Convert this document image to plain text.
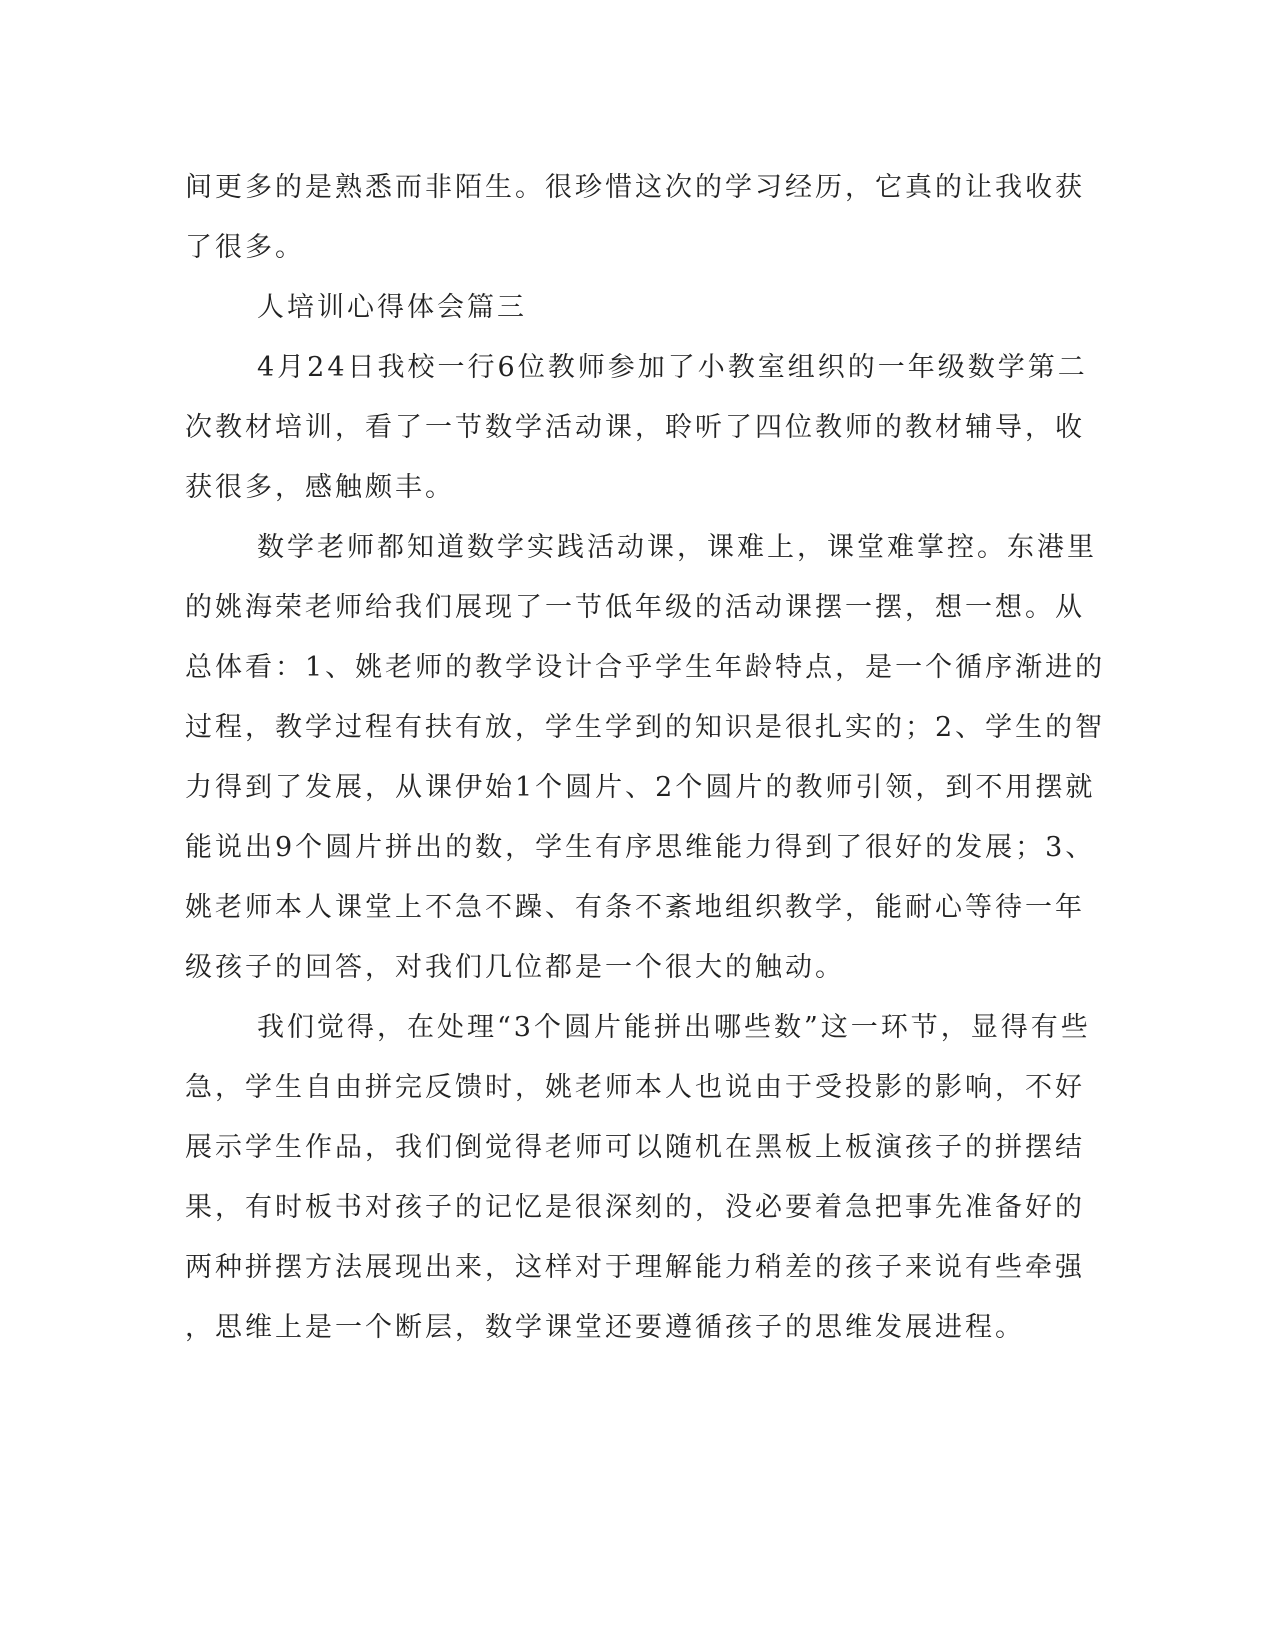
间更多的是熟悉而非陌生。很珍惜这次的学习经历，它真的让我收获
了很多。
人培训心得体会篇三
4月24日我校一行6位教师参加了小教室组织的一年级数学第二
次教材培训，看了一节数学活动课，聆听了四位教师的教材辅导，收
获很多，感触颇丰。
数学老师都知道数学实践活动课，课难上，课堂难掌控。东港里
的姚海荣老师给我们展现了一节低年级的活动课摆一摆，想一想。从
总体看：1、姚老师的教学设计合乎学生年龄特点，是一个循序渐进的
过程，教学过程有扶有放，学生学到的知识是很扎实的；2、学生的智
力得到了发展，从课伊始1个圆片、2个圆片的教师引领，到不用摆就
能说出9个圆片拼出的数，学生有序思维能力得到了很好的发展；3、
姚老师本人课堂上不急不躁、有条不紊地组织教学，能耐心等待一年
级孩子的回答，对我们几位都是一个很大的触动。
我们觉得，在处理“3个圆片能拼出哪些数”这一环节，显得有些
急，学生自由拼完反馈时，姚老师本人也说由于受投影的影响，不好
展示学生作品，我们倒觉得老师可以随机在黑板上板演孩子的拼摆结
果，有时板书对孩子的记忆是很深刻的，没必要着急把事先准备好的
两种拼摆方法展现出来，这样对于理解能力稍差的孩子来说有些牵强
，思维上是一个断层，数学课堂还要遵循孩子的思维发展进程。
